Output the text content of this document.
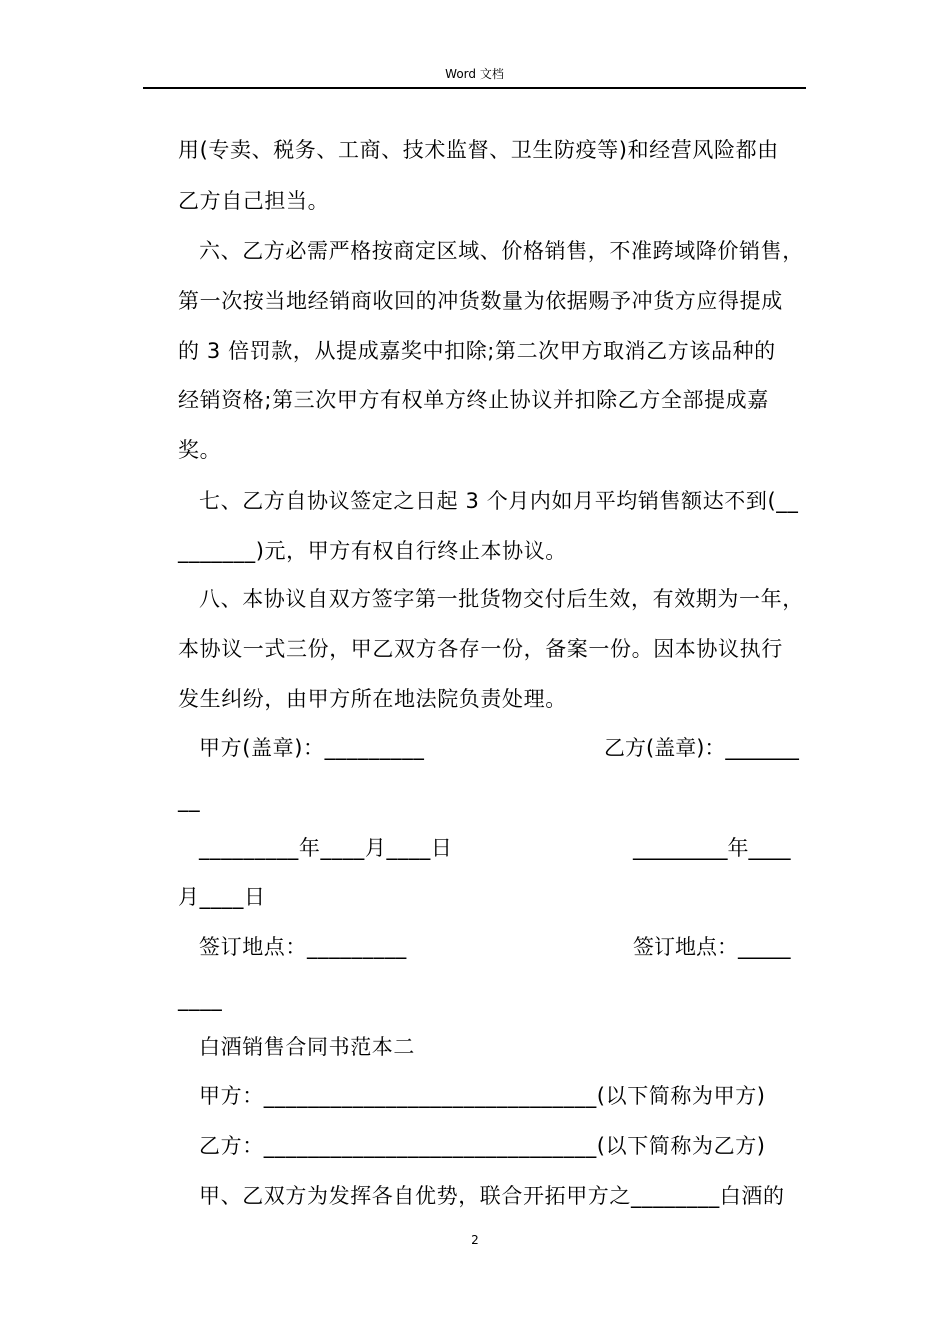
Word 文档
用(专卖、税务、工商、技术监督、卫生防疫等)和经营风险都由
乙方自己担当。
六、乙方必需严格按商定区域、价格销售，不准跨域降价销售，
第一次按当地经销商收回的冲货数量为依据赐予冲货方应得提成
的 3 倍罚款，从提成嘉奖中扣除;第二次甲方取消乙方该品种的
经销资格;第三次甲方有权单方终止协议并扣除乙方全部提成嘉
奖。
七、乙方自协议签定之日起 3 个月内如月平均销售额达不到(__
_______)元，甲方有权自行终止本协议。
八、本协议自双方签字第一批货物交付后生效，有效期为一年，
本协议一式三份，甲乙双方各存一份，备案一份。因本协议执行
发生纠纷，由甲方所在地法院负责处理。
甲方(盖章)：_________	乙方(盖章)：_______
__
_________年____月____日	_________年____
月____日
签订地点：_________	签订地点：_____
____
白酒销售合同书范本二
甲方：______________________________(以下简称为甲方)
乙方：______________________________(以下简称为乙方)
甲、乙双方为发挥各自优势，联合开拓甲方之________白酒的
2
